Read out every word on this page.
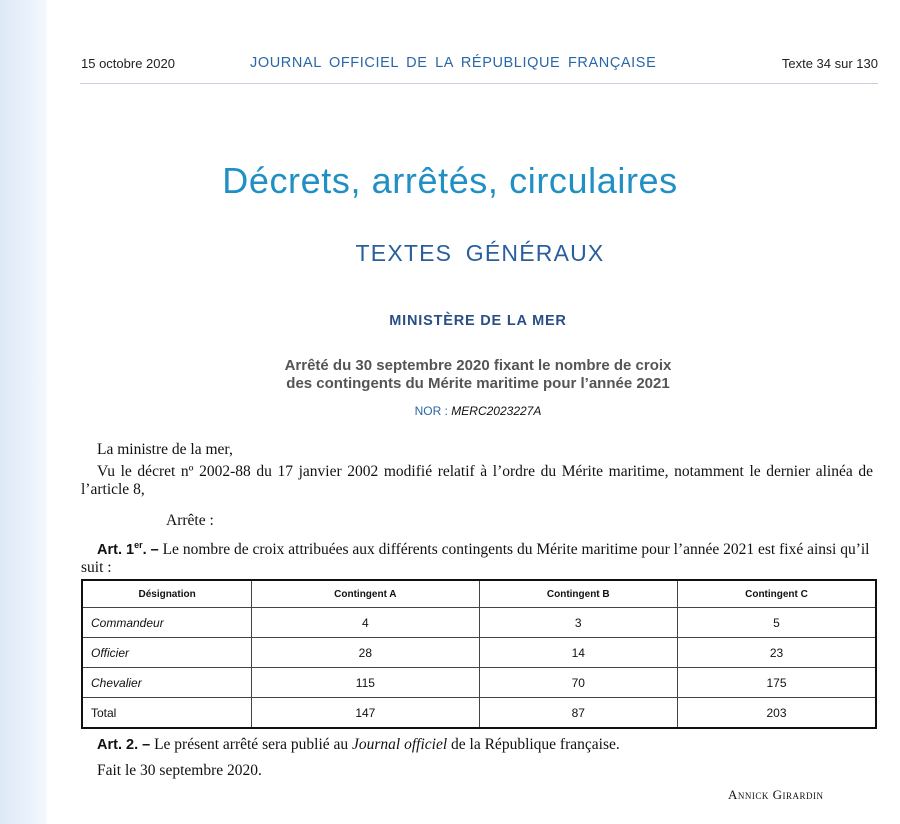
15 octobre 2020	JOURNAL OFFICIEL DE LA RÉPUBLIQUE FRANÇAISE	Texte 34 sur 130
Décrets, arrêtés, circulaires
TEXTES GÉNÉRAUX
MINISTÈRE DE LA MER
Arrêté du 30 septembre 2020 fixant le nombre de croix
des contingents du Mérite maritime pour l’année 2021
NOR : MERC2023227A
La ministre de la mer,
Vu le décret nº 2002-88 du 17 janvier 2002 modifié relatif à l’ordre du Mérite maritime, notamment le dernier alinéa de l’article 8,
Arrête :
Art. 1er. – Le nombre de croix attribuées aux différents contingents du Mérite maritime pour l’année 2021 est fixé ainsi qu’il suit :
Désignation	Contingent A	Contingent B	Contingent C
Commandeur	4	3	5
Officier	28	14	23
Chevalier	115	70	175
Total	147	87	203
Art. 2. – Le présent arrêté sera publié au Journal officiel de la République française.
Fait le 30 septembre 2020.
Annick Girardin
